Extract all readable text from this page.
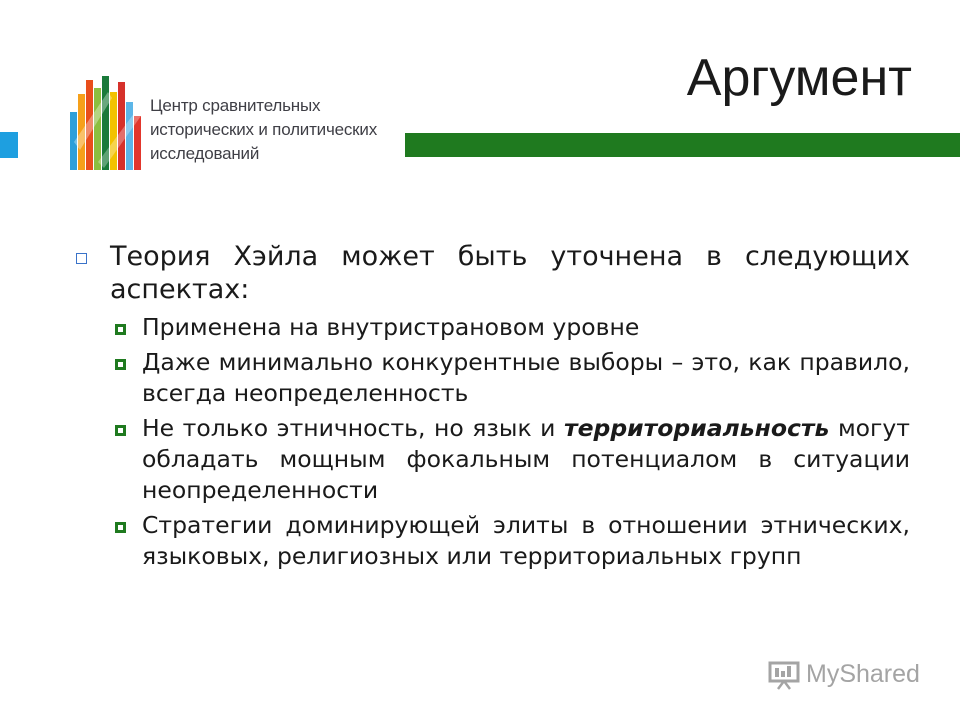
Центр сравнительных
исторических и политических
исследований
Аргумент
Теория Хэйла может быть уточнена в следующих аспектах:
Применена на внутристрановом уровне
Даже минимально конкурентные выборы – это, как правило, всегда неопределенность
Не только этничность, но язык и территориальность могут обладать мощным фокальным потенциалом в ситуации неопределенности
Стратегии доминирующей элиты в отношении этнических, языковых, религиозных или территориальных групп
MyShared
